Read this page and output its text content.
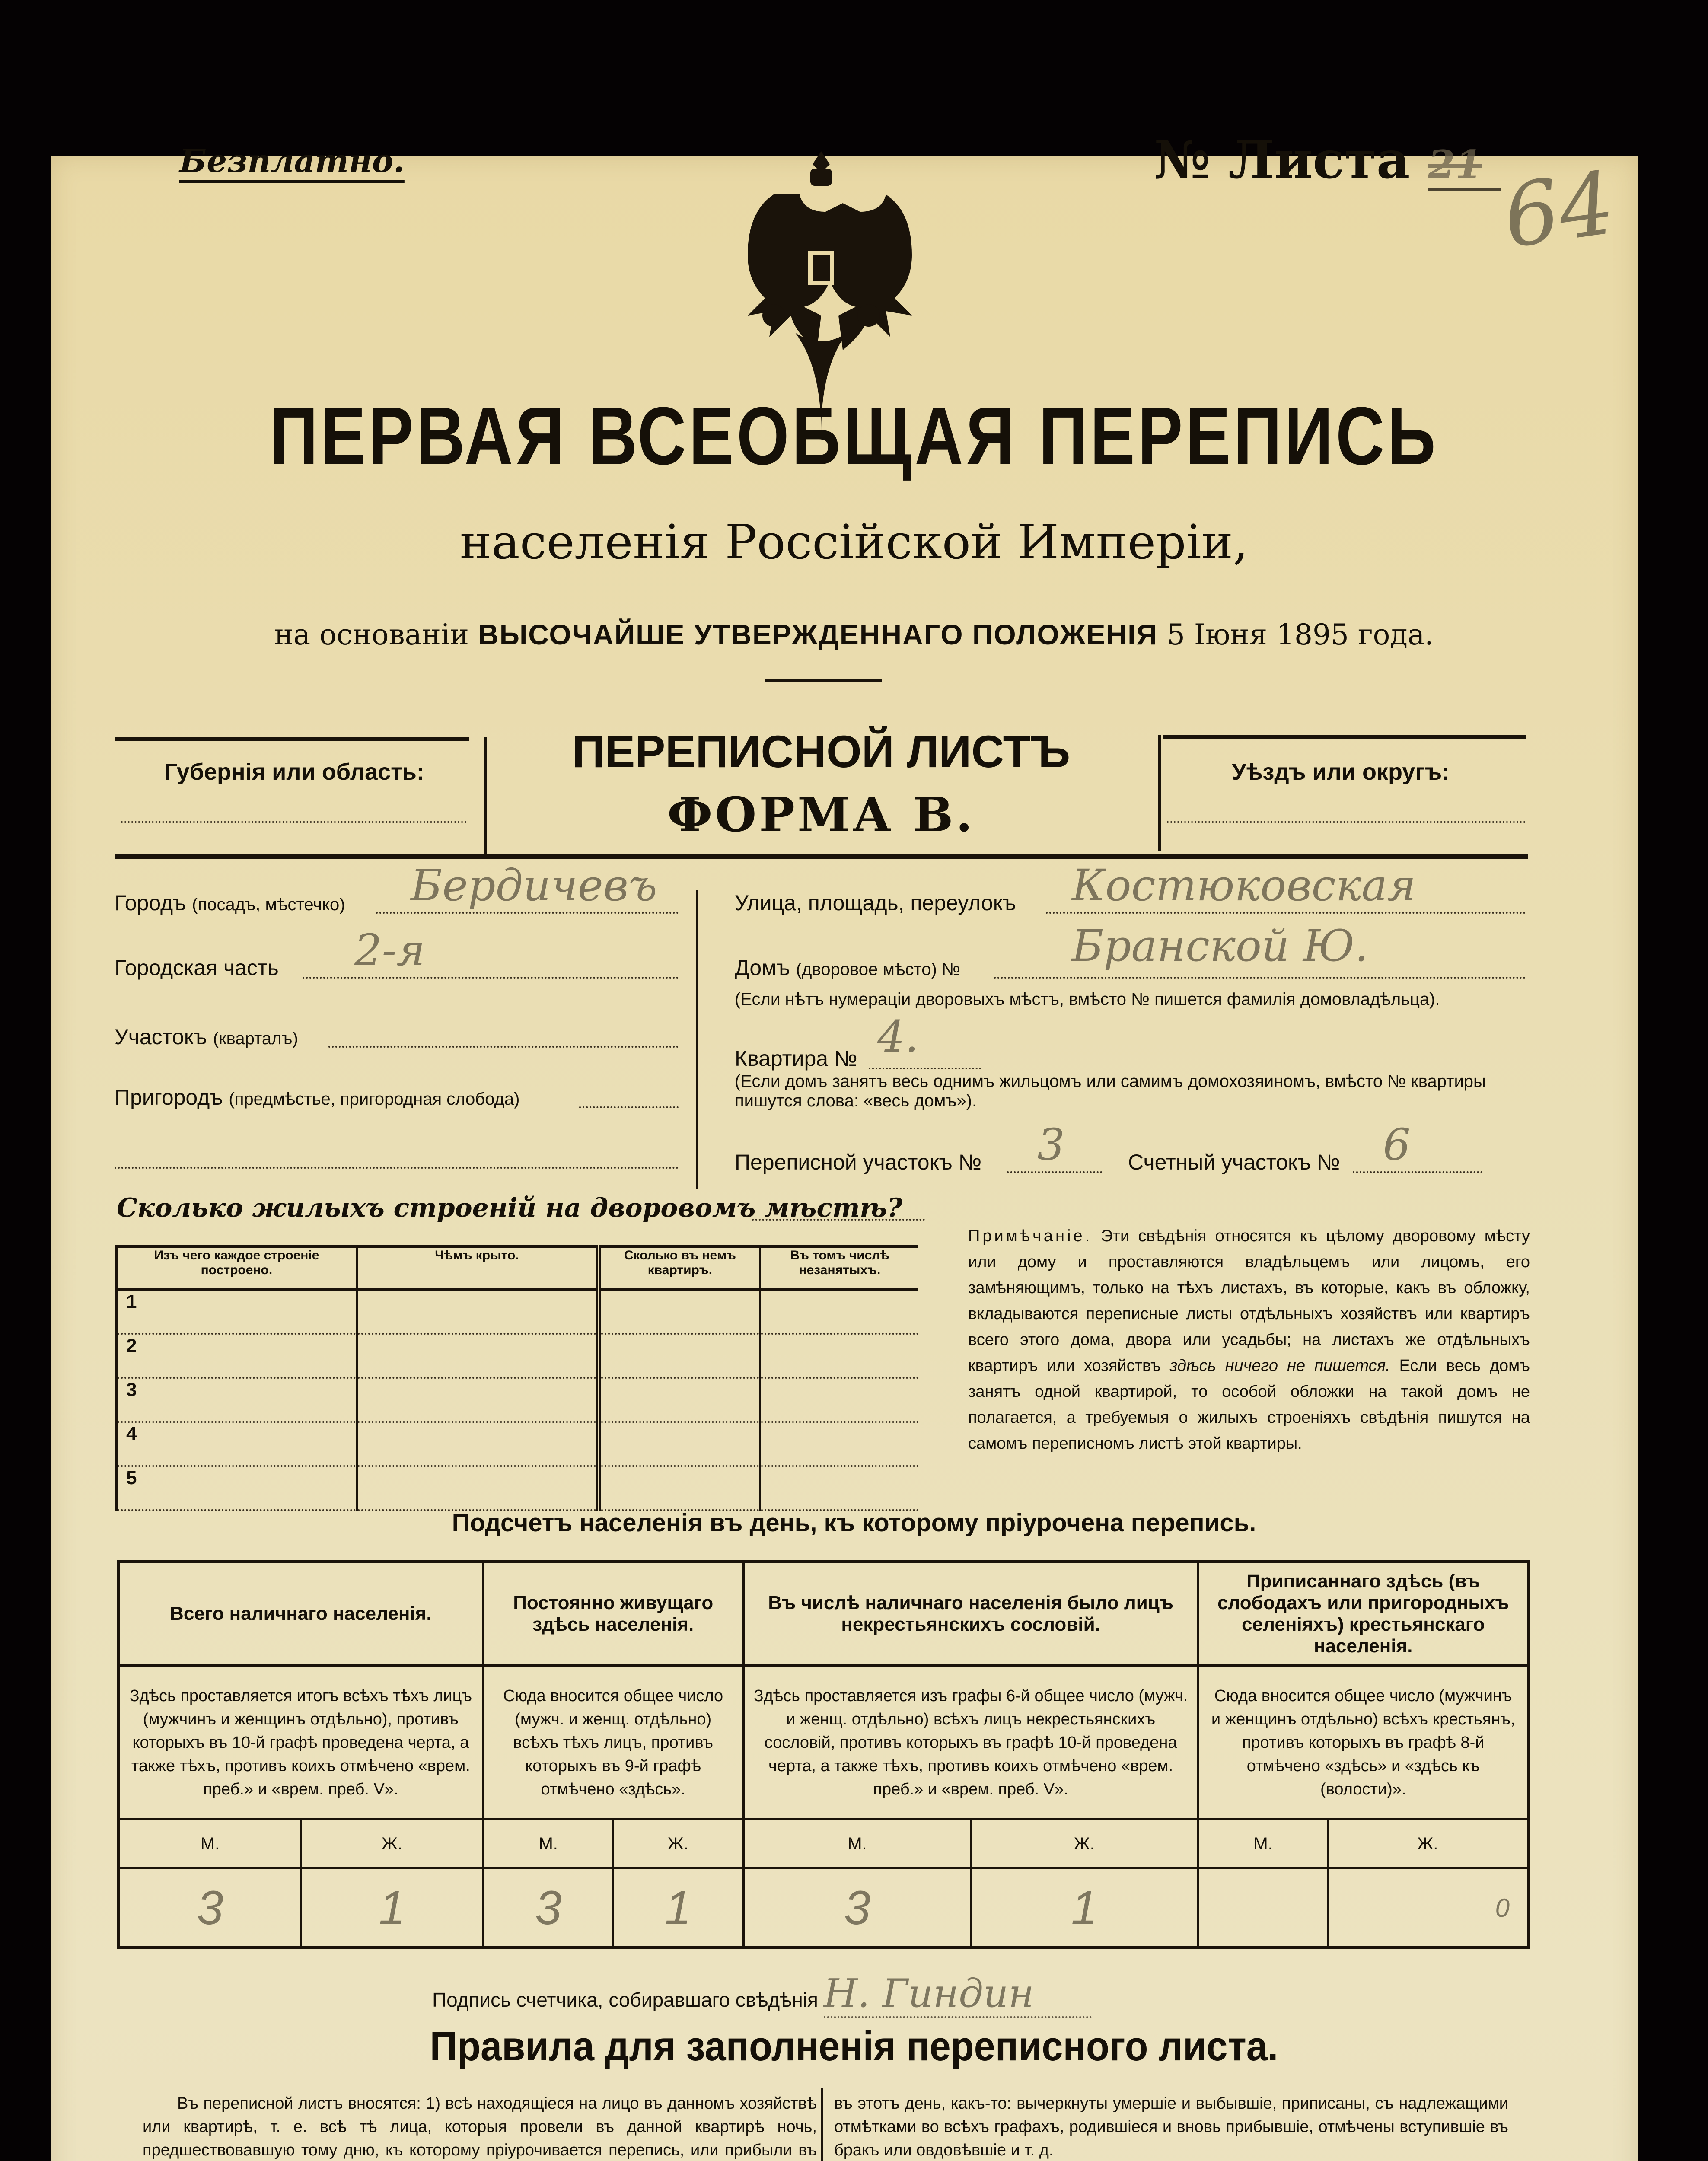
Безплатно.	№ Листа 21 64
ПЕРВАЯ ВСЕОБЩАЯ ПЕРЕПИСЬ
населенія Россійской Имперіи,
на основаніи ВЫСОЧАЙШЕ УТВЕРЖДЕННАГО ПОЛОЖЕНІЯ 5 Іюня 1895 года.
Губернія или область:	ПЕРЕПИСНОЙ ЛИСТЪ
ФОРМА В.
Уѣздъ или округъ:
Городъ (посадъ, мѣстечко) Бердичевъ
Городская часть 2-я
Участокъ (кварталъ)
Пригородъ (предмѣстье, пригородная слобода)
Улица, площадь, переулокъ Костюковская
Домъ (дворовое мѣсто) №	Бранской Ю.
(Если нѣтъ нумераціи дворовыхъ мѣстъ, вмѣсто № пишется фамилія домовладѣльца).
Квартира № 4.
(Если домъ занятъ весь однимъ жильцомъ или самимъ домохозяиномъ, вмѣсто № квартиры пишутся слова: «весь домъ»).
Переписной участокъ № 3	Счетный участокъ № 6
Сколько жилыхъ строеній на дворовомъ мѣстѣ?
Изъ чего каждое строеніе построено.	Чѣмъ крыто.	Сколько въ немъ квартиръ.	Въ томъ числѣ незанятыхъ.
1			
2			
3			
4			
5			
Примѣчаніе. Эти свѣдѣнія относятся къ цѣлому дворовому мѣсту или дому и проставляются владѣльцемъ или лицомъ, его замѣняющимъ, только на тѣхъ листахъ, въ которые, какъ въ обложку, вкладываются переписные листы отдѣльныхъ хозяйствъ или квартиръ всего этого дома, двора или усадьбы; на листахъ же отдѣльныхъ квартиръ или хозяйствъ здѣсь ничего не пишется. Если весь домъ занятъ одной квартирой, то особой обложки на такой домъ не полагается, а требуемыя о жилыхъ строеніяхъ свѣдѣнія пишутся на самомъ переписномъ листѣ этой квартиры.
Подсчетъ населенія въ день, къ которому пріурочена перепись.
Всего наличнаго населенія.		Постоянно живущаго здѣсь населенія.		Въ числѣ наличнаго населенія было лицъ некрестьянскихъ сословій.		Приписаннаго здѣсь (въ слободахъ или пригородныхъ селеніяхъ) крестьянскаго населенія.	
Здѣсь проставляется итогъ всѣхъ тѣхъ лицъ (мужчинъ и женщинъ отдѣльно), противъ которыхъ въ 10-й графѣ проведена черта, а также тѣхъ, противъ коихъ отмѣчено «врем. преб.» и «врем. преб. V».		Сюда вносится общее число (мужч. и женщ. отдѣльно) всѣхъ тѣхъ лицъ, противъ которыхъ въ 9-й графѣ отмѣчено «здѣсь».		Здѣсь проставляется изъ графы 6-й общее число (мужч. и женщ. отдѣльно) всѣхъ лицъ некрестьянскихъ сословій, противъ которыхъ въ графѣ 10-й проведена черта, а также тѣхъ, противъ коихъ отмѣчено «врем. преб.» и «врем. преб. V».		Сюда вносится общее число (мужчинъ и женщинъ отдѣльно) всѣхъ крестьянъ, противъ которыхъ въ графѣ 8-й отмѣчено «здѣсь» и «здѣсь къ (волости)».	
М.	Ж.	М.	Ж.	М.	Ж.	М.	Ж.
3	1	3	1	3	1		0
Подпись счетчика, собиравшаго свѣдѣнія Н. Гиндин
Правила для заполненія переписного листа.

Въ переписной листъ вносятся: 1) всѣ находящіеся на лицо въ данномъ хозяйствѣ или квартирѣ, т. е. всѣ тѣ лица, которыя провели въ данной квартирѣ ночь, предшествовавшую тому дню, къ которому пріурочивается перепись, или прибыли въ

въ этотъ день, какъ-то: вычеркнуты умершіе и выбывшіе, приписаны, съ надлежащими отмѣтками во всѣхъ графахъ, родившіеся и вновь прибывшіе, отмѣчены вступившіе въ бракъ или овдовѣвшіе и т. д.
